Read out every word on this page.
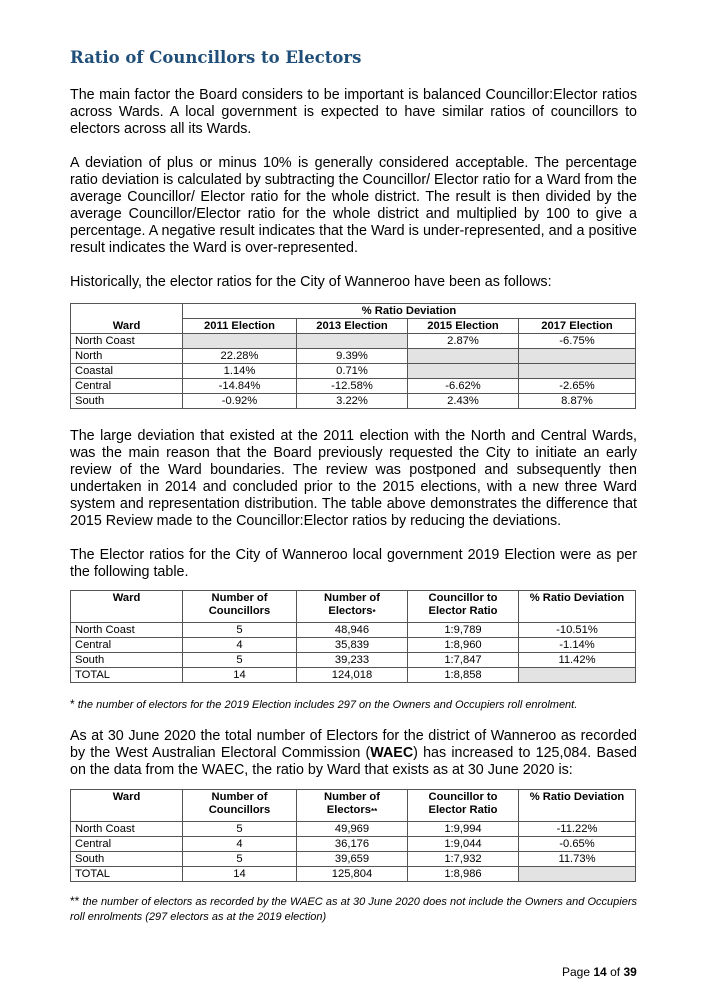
Ratio of Councillors to Electors

The main factor the Board considers to be important is balanced Councillor:Elector ratios across Wards. A local government is expected to have similar ratios of councillors to electors across all its Wards.

A deviation of plus or minus 10% is generally considered acceptable. The percentage ratio deviation is calculated by subtracting the Councillor/ Elector ratio for a Ward from the average Councillor/ Elector ratio for the whole district. The result is then divided by the average Councillor/Elector ratio for the whole district and multiplied by 100 to give a percentage. A negative result indicates that the Ward is under-represented, and a positive result indicates the Ward is over-represented.

Historically, the elector ratios for the City of Wanneroo have been as follows:

	% Ratio Deviation			
Ward	2011 Election	2013 Election	2015 Election	2017 Election
North Coast			2.87%	-6.75%
North	22.28%	9.39%		
Coastal	1.14%	0.71%		
Central	-14.84%	-12.58%	-6.62%	-2.65%
South	-0.92%	3.22%	2.43%	8.87%

The large deviation that existed at the 2011 election with the North and Central Wards, was the main reason that the Board previously requested the City to initiate an early review of the Ward boundaries. The review was postponed and subsequently then undertaken in 2014 and concluded prior to the 2015 elections, with a new three Ward system and representation distribution. The table above demonstrates the difference that 2015 Review made to the Councillor:Elector ratios by reducing the deviations.

The Elector ratios for the City of Wanneroo local government 2019 Election were as per the following table.

Ward	Number of Councillors	Number of Electors*	Councillor to Elector Ratio	% Ratio Deviation
North Coast	5	48,946	1:9,789	-10.51%
Central	4	35,839	1:8,960	-1.14%
South	5	39,233	1:7,847	11.42%
TOTAL	14	124,018	1:8,858	

* the number of electors for the 2019 Election includes 297 on the Owners and Occupiers roll enrolment.

As at 30 June 2020 the total number of Electors for the district of Wanneroo as recorded by the West Australian Electoral Commission (WAEC) has increased to 125,084. Based on the data from the WAEC, the ratio by Ward that exists as at 30 June 2020 is:

Ward	Number of Councillors	Number of Electors**	Councillor to Elector Ratio	% Ratio Deviation
North Coast	5	49,969	1:9,994	-11.22%
Central	4	36,176	1:9,044	-0.65%
South	5	39,659	1:7,932	11.73%
TOTAL	14	125,804	1:8,986	

** the number of electors as recorded by the WAEC as at 30 June 2020 does not include the Owners and Occupiers roll enrolments (297 electors as at the 2019 election)

Page 14 of 39
